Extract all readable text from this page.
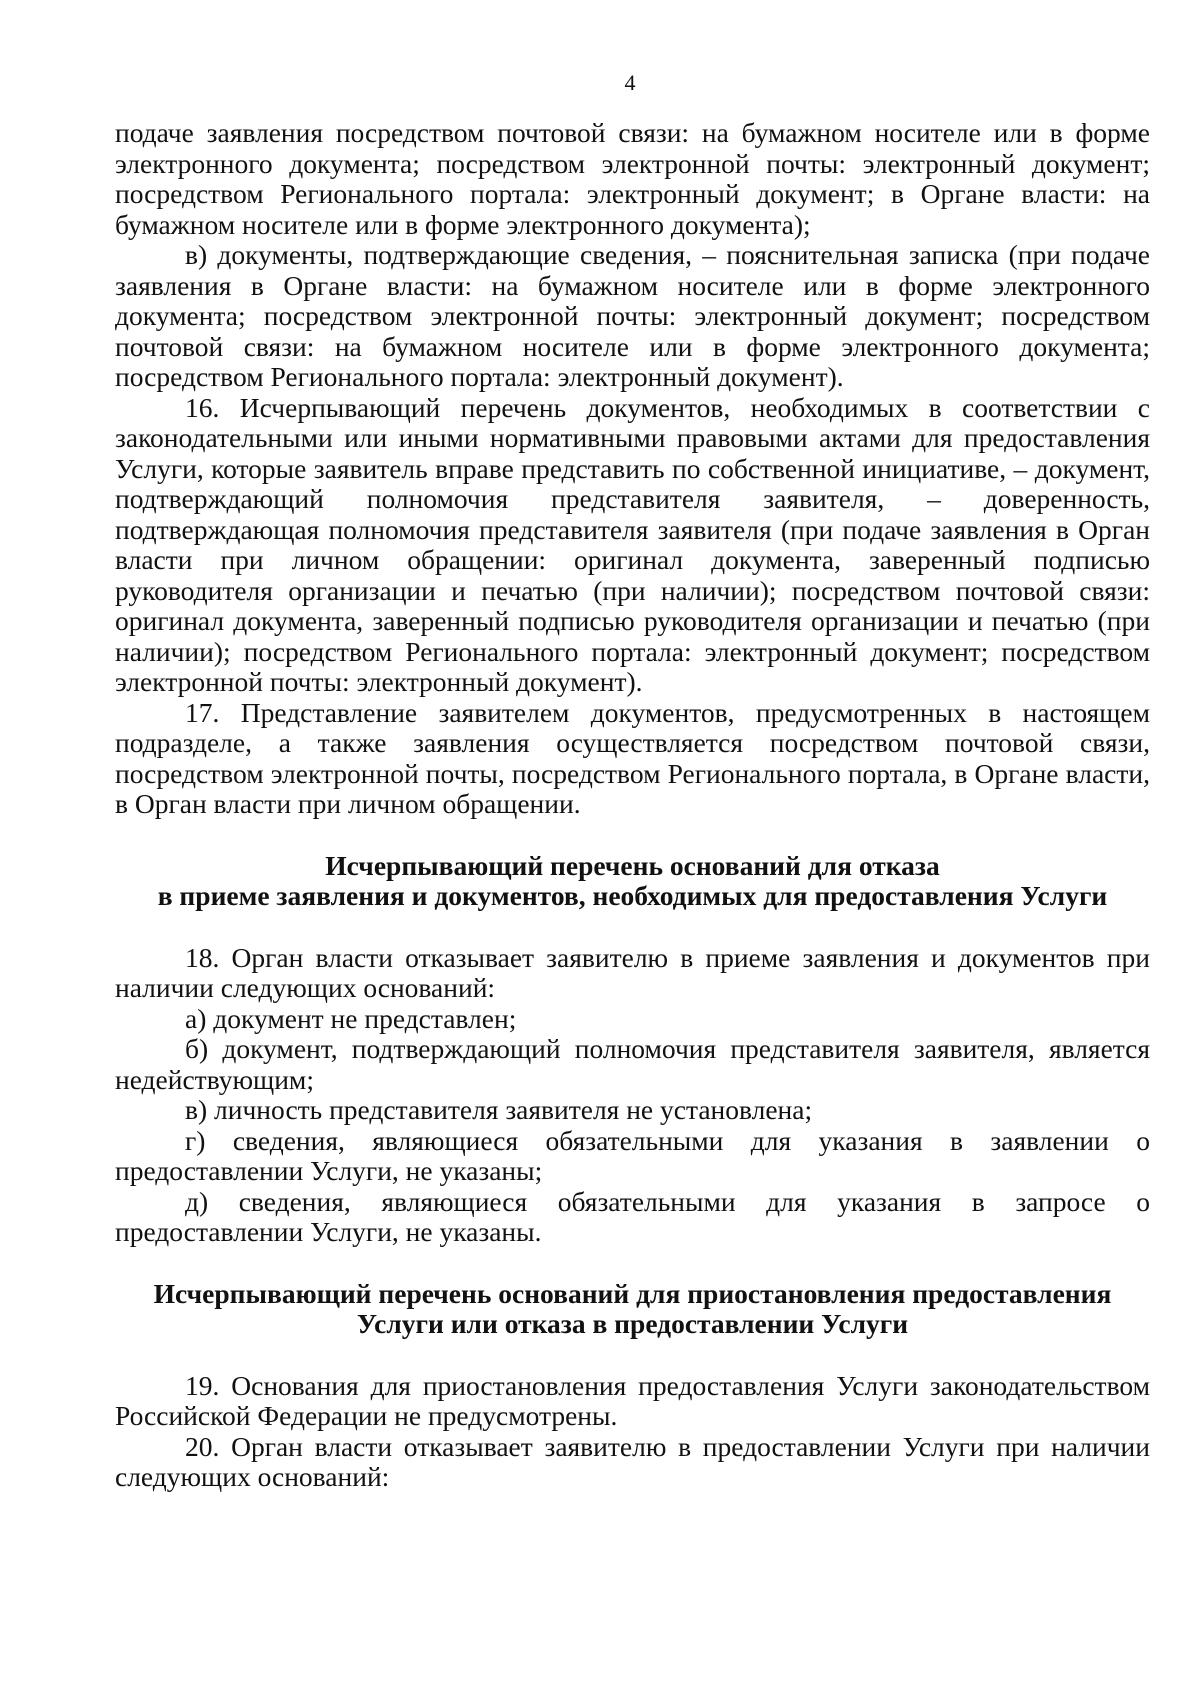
4

подаче заявления посредством почтовой связи: на бумажном носителе или в форме электронного документа; посредством электронной почты: электронный документ; посредством Регионального портала: электронный документ; в Органе власти: на бумажном носителе или в форме электронного документа);

в) документы, подтверждающие сведения, – пояснительная записка (при подаче заявления в Органе власти: на бумажном носителе или в форме электронного документа; посредством электронной почты: электронный документ; посредством почтовой связи: на бумажном носителе или в форме электронного документа; посредством Регионального портала: электронный документ).

16. Исчерпывающий перечень документов, необходимых в соответствии с законодательными или иными нормативными правовыми актами для предоставления Услуги, которые заявитель вправе представить по собственной инициативе, – документ, подтверждающий полномочия представителя заявителя, – доверенность, подтверждающая полномочия представителя заявителя (при подаче заявления в Орган власти при личном обращении: оригинал документа, заверенный подписью руководителя организации и печатью (при наличии); посредством почтовой связи: оригинал документа, заверенный подписью руководителя организации и печатью (при наличии); посредством Регионального портала: электронный документ; посредством электронной почты: электронный документ).

17. Представление заявителем документов, предусмотренных в настоящем подразделе, а также заявления осуществляется посредством почтовой связи, посредством электронной почты, посредством Регионального портала, в Органе власти, в Орган власти при личном обращении.

Исчерпывающий перечень оснований для отказа

в приеме заявления и документов, необходимых для предоставления Услуги

18. Орган власти отказывает заявителю в приеме заявления и документов при наличии следующих оснований:

а) документ не представлен;

б) документ, подтверждающий полномочия представителя заявителя, является недействующим;

в) личность представителя заявителя не установлена;

г) сведения, являющиеся обязательными для указания в заявлении о предоставлении Услуги, не указаны;

д) сведения, являющиеся обязательными для указания в запросе о предоставлении Услуги, не указаны.

Исчерпывающий перечень оснований для приостановления предоставления

Услуги или отказа в предоставлении Услуги

19. Основания для приостановления предоставления Услуги законодательством Российской Федерации не предусмотрены.

20. Орган власти отказывает заявителю в предоставлении Услуги при наличии следующих оснований:
